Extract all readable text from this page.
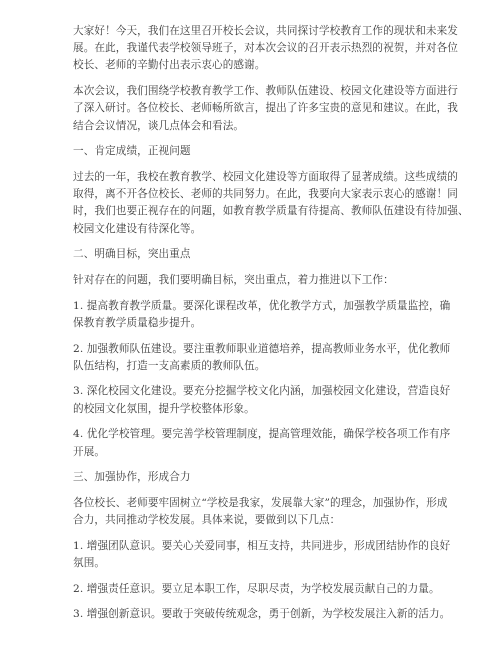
大家好！今天，我们在这里召开校长会议，共同探讨学校教育工作的现状和未来发
展。在此，我谨代表学校领导班子，对本次会议的召开表示热烈的祝贺，并对各位
校长、老师的辛勤付出表示衷心的感谢。

本次会议，我们围绕学校教育教学工作、教师队伍建设、校园文化建设等方面进行
了深入研讨。各位校长、老师畅所欲言，提出了许多宝贵的意见和建议。在此，我
结合会议情况，谈几点体会和看法。

一、肯定成绩，正视问题

过去的一年，我校在教育教学、校园文化建设等方面取得了显著成绩。这些成绩的
取得，离不开各位校长、老师的共同努力。在此，我要向大家表示衷心的感谢！同
时，我们也要正视存在的问题，如教育教学质量有待提高、教师队伍建设有待加强、
校园文化建设有待深化等。

二、明确目标，突出重点

针对存在的问题，我们要明确目标，突出重点，着力推进以下工作：

1. 提高教育教学质量。要深化课程改革，优化教学方式，加强教学质量监控，确
保教育教学质量稳步提升。

2. 加强教师队伍建设。要注重教师职业道德培养，提高教师业务水平，优化教师
队伍结构，打造一支高素质的教师队伍。

3. 深化校园文化建设。要充分挖掘学校文化内涵，加强校园文化建设，营造良好
的校园文化氛围，提升学校整体形象。

4. 优化学校管理。要完善学校管理制度，提高管理效能，确保学校各项工作有序
开展。

三、加强协作，形成合力

各位校长、老师要牢固树立“学校是我家，发展靠大家”的理念，加强协作，形成
合力，共同推动学校发展。具体来说，要做到以下几点：

1. 增强团队意识。要关心关爱同事，相互支持，共同进步，形成团结协作的良好
氛围。

2. 增强责任意识。要立足本职工作，尽职尽责，为学校发展贡献自己的力量。

3. 增强创新意识。要敢于突破传统观念，勇于创新，为学校发展注入新的活力。
